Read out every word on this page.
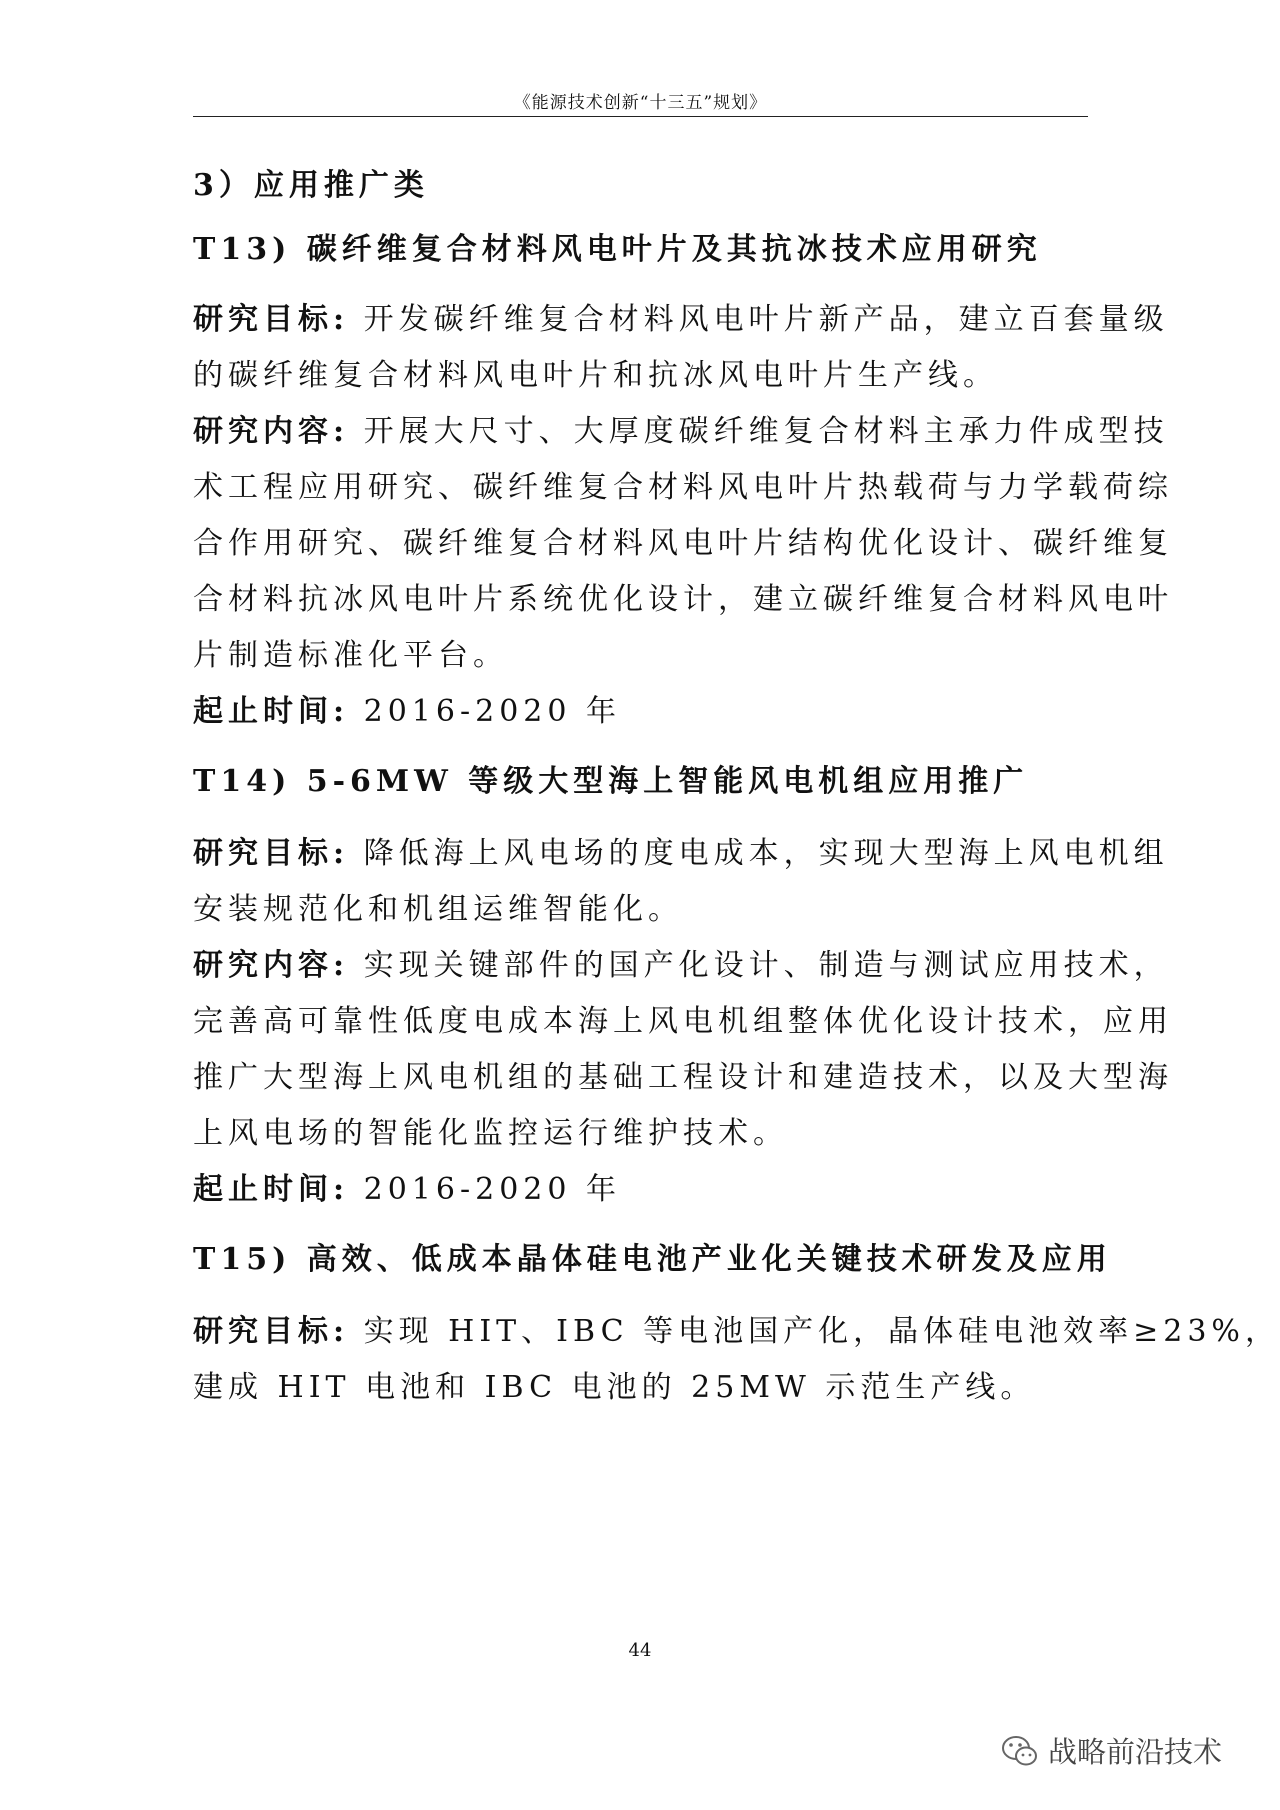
《能源技术创新“十三五”规划》
3）应用推广类
T13) 碳纤维复合材料风电叶片及其抗冰技术应用研究
研究目标: 开发碳纤维复合材料风电叶片新产品，建立百套量级
的碳纤维复合材料风电叶片和抗冰风电叶片生产线。
研究内容: 开展大尺寸、大厚度碳纤维复合材料主承力件成型技
术工程应用研究、碳纤维复合材料风电叶片热载荷与力学载荷综
合作用研究、碳纤维复合材料风电叶片结构优化设计、碳纤维复
合材料抗冰风电叶片系统优化设计，建立碳纤维复合材料风电叶
片制造标准化平台。
起止时间: 2016-2020 年
T14) 5-6MW 等级大型海上智能风电机组应用推广
研究目标: 降低海上风电场的度电成本，实现大型海上风电机组
安装规范化和机组运维智能化。
研究内容: 实现关键部件的国产化设计、制造与测试应用技术，
完善高可靠性低度电成本海上风电机组整体优化设计技术，应用
推广大型海上风电机组的基础工程设计和建造技术，以及大型海
上风电场的智能化监控运行维护技术。
起止时间: 2016-2020 年
T15) 高效、低成本晶体硅电池产业化关键技术研发及应用
研究目标: 实现 HIT、IBC 等电池国产化，晶体硅电池效率≥23%，
建成 HIT 电池和 IBC 电池的 25MW 示范生产线。
44
战略前沿技术
